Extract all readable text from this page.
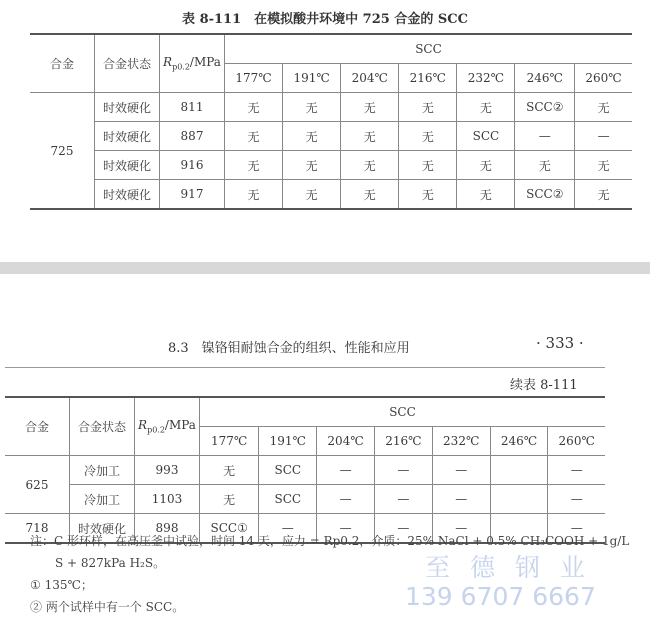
表 8-111　在模拟酸井环境中 725 合金的 SCC
合金	合金状态	$R_{p0.2}$/MPa	SCC						
			177℃	191℃	204℃	216℃	232℃	246℃	260℃
725	时效硬化	811	无	无	无	无	无	SCC②	无
	时效硬化	887	无	无	无	无	SCC	—	—
	时效硬化	916	无	无	无	无	无	无	无
	时效硬化	917	无	无	无	无	无	SCC②	无
8.3　镍铬钼耐蚀合金的组织、性能和应用	· 333 ·
续表 8-111
合金	合金状态	$R_{p0.2}$/MPa	SCC						
			177℃	191℃	204℃	216℃	232℃	246℃	260℃
625	冷加工	993	无	SCC	—	—	—		—
	冷加工	1103	无	SCC	—	—	—		—
718	时效硬化	898	SCC①	—	—	—	—		—
注：C 形环样，在高压釜中试验，时间 14 天，应力 = Rp0.2，介质：25% NaCl + 0.5% CH₃COOH + 1g/L
S + 827kPa H₂S。
① 135℃；
② 两个试样中有一个 SCC。
至 德 钢 业
139 6707 6667
